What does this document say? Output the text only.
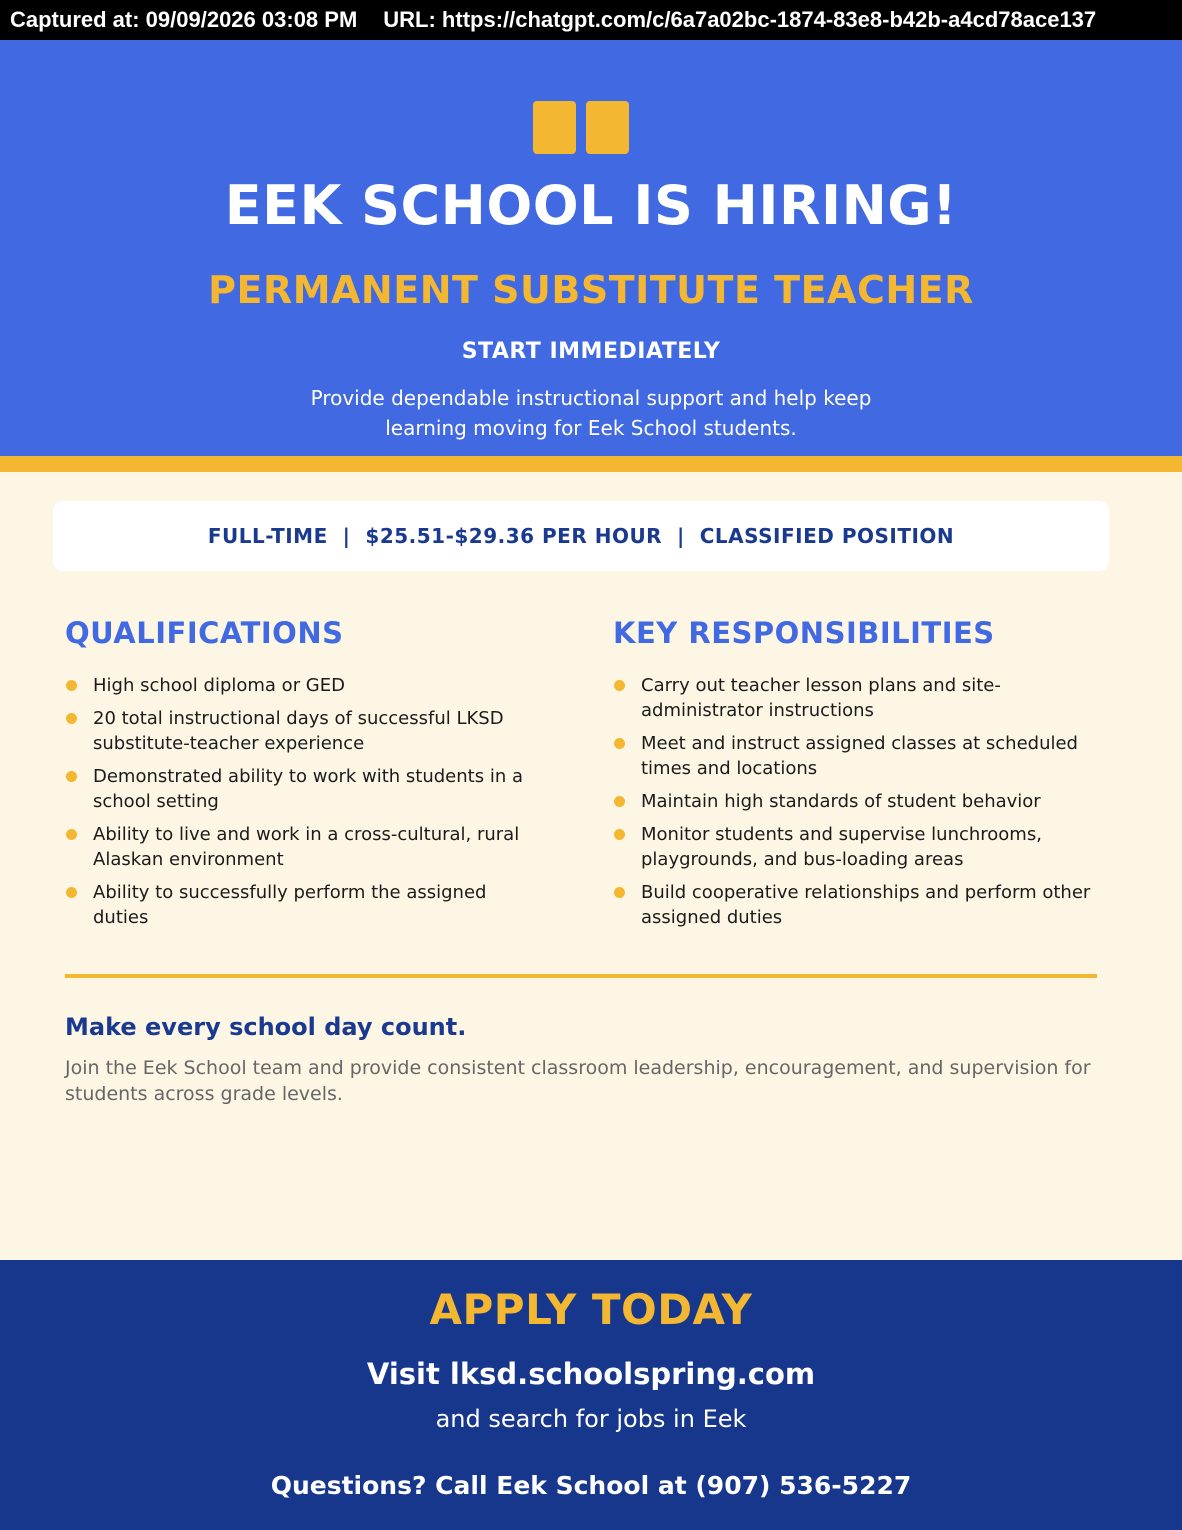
Captured at: 09/09/2026 03:08 PM URL: https://chatgpt.com/c/6a7a02bc-1874-83e8-b42b-a4cd78ace137
EEK SCHOOL IS HIRING!
PERMANENT SUBSTITUTE TEACHER
START IMMEDIATELY
Provide dependable instructional support and help keep learning moving for Eek School students.
FULL-TIME  |  $25.51-$29.36 PER HOUR  |  CLASSIFIED POSITION
QUALIFICATIONS
High school diploma or GED
20 total instructional days of successful LKSD substitute-teacher experience
Demonstrated ability to work with students in a school setting
Ability to live and work in a cross-cultural, rural Alaskan environment
Ability to successfully perform the assigned duties
KEY RESPONSIBILITIES
Carry out teacher lesson plans and site-administrator instructions
Meet and instruct assigned classes at scheduled times and locations
Maintain high standards of student behavior
Monitor students and supervise lunchrooms, playgrounds, and bus-loading areas
Build cooperative relationships and perform other assigned duties
Make every school day count.
Join the Eek School team and provide consistent classroom leadership, encouragement, and supervision for students across grade levels.
APPLY TODAY
Visit lksd.schoolspring.com
and search for jobs in Eek
Questions? Call Eek School at (907) 536-5227
